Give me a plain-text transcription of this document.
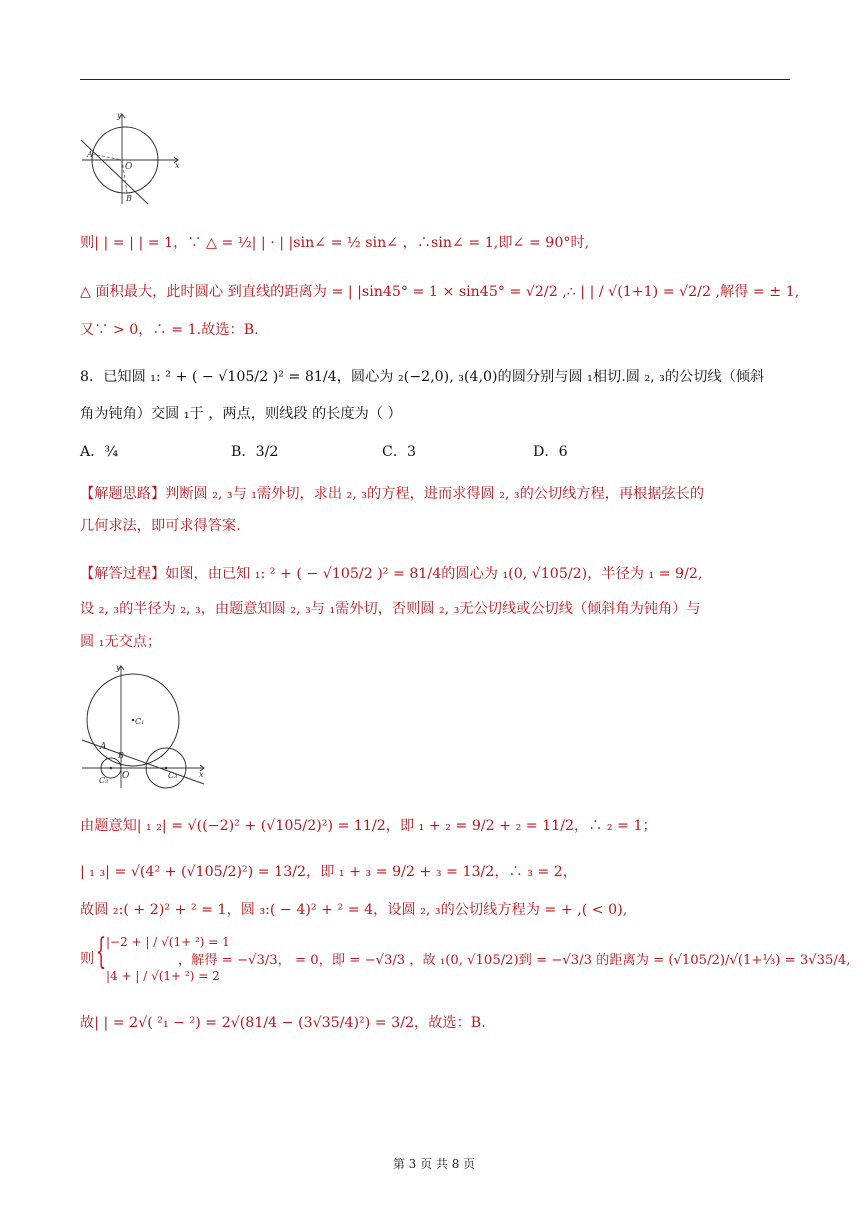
y
A
O	x
B
则| | = | | = 1，∵ △ = ½| | · | |sin∠ = ½ sin∠ ，∴sin∠ = 1,即∠ = 90°时,
△ 面积最大，此时圆心 到直线的距离为 = | |sin45° = 1 × sin45° = √2/2 ,∴ | | / √(1+1) = √2/2 ,解得 = ± 1,
又∵ > 0，∴ = 1.故选：B.
8．已知圆 ₁: ² + ( − √105/2 )² = 81/4，圆心为 ₂(−2,0), ₃(4,0)的圆分别与圆 ₁相切.圆 ₂, ₃的公切线（倾斜
角为钝角）交圆 ₁于 ，两点，则线段 的长度为（ ）
A．¾	B．3/2	C．3	D．6
【解题思路】判断圆 ₂, ₃与 ₁需外切，求出 ₂, ₃的方程，进而求得圆 ₂, ₃的公切线方程，再根据弦长的
几何求法，即可求得答案.
【解答过程】如图，由已知 ₁: ² + ( − √105/2 )² = 81/4的圆心为 ₁(0, √105/2)，半径为 ₁ = 9/2,
设 ₂, ₃的半径为 ₂, ₃，由题意知圆 ₂, ₃与 ₁需外切，否则圆 ₂, ₃无公切线或公切线（倾斜角为钝角）与
圆 ₁无交点；
y
C₁
A
B
C₂ O	C₃	x
由题意知| ₁ ₂| = √((−2)² + (√105/2)²) = 11/2，即 ₁ + ₂ = 9/2 + ₂ = 11/2，∴ ₂ = 1；
| ₁ ₃| = √(4² + (√105/2)²) = 13/2，即 ₁ + ₃ = 9/2 + ₃ = 13/2，∴ ₃ = 2，
故圆 ₂:( + 2)² + ² = 1，圆 ₃:( − 4)² + ² = 4，设圆 ₂, ₃的公切线方程为 = + ,( < 0),
则 { |−2 + | / √(1+ ²) = 1
|4 + | / √(1+ ²) = 2
，解得 = −√3/3， = 0，即 = −√3/3 ，故 ₁(0, √105/2)到 = −√3/3 的距离为 = (√105/2)/√(1+⅓) = 3√35/4,
故| | = 2√( ²₁ − ²) = 2√(81/4 − (3√35/4)²) = 3/2，故选：B.
第 3 页 共 8 页
